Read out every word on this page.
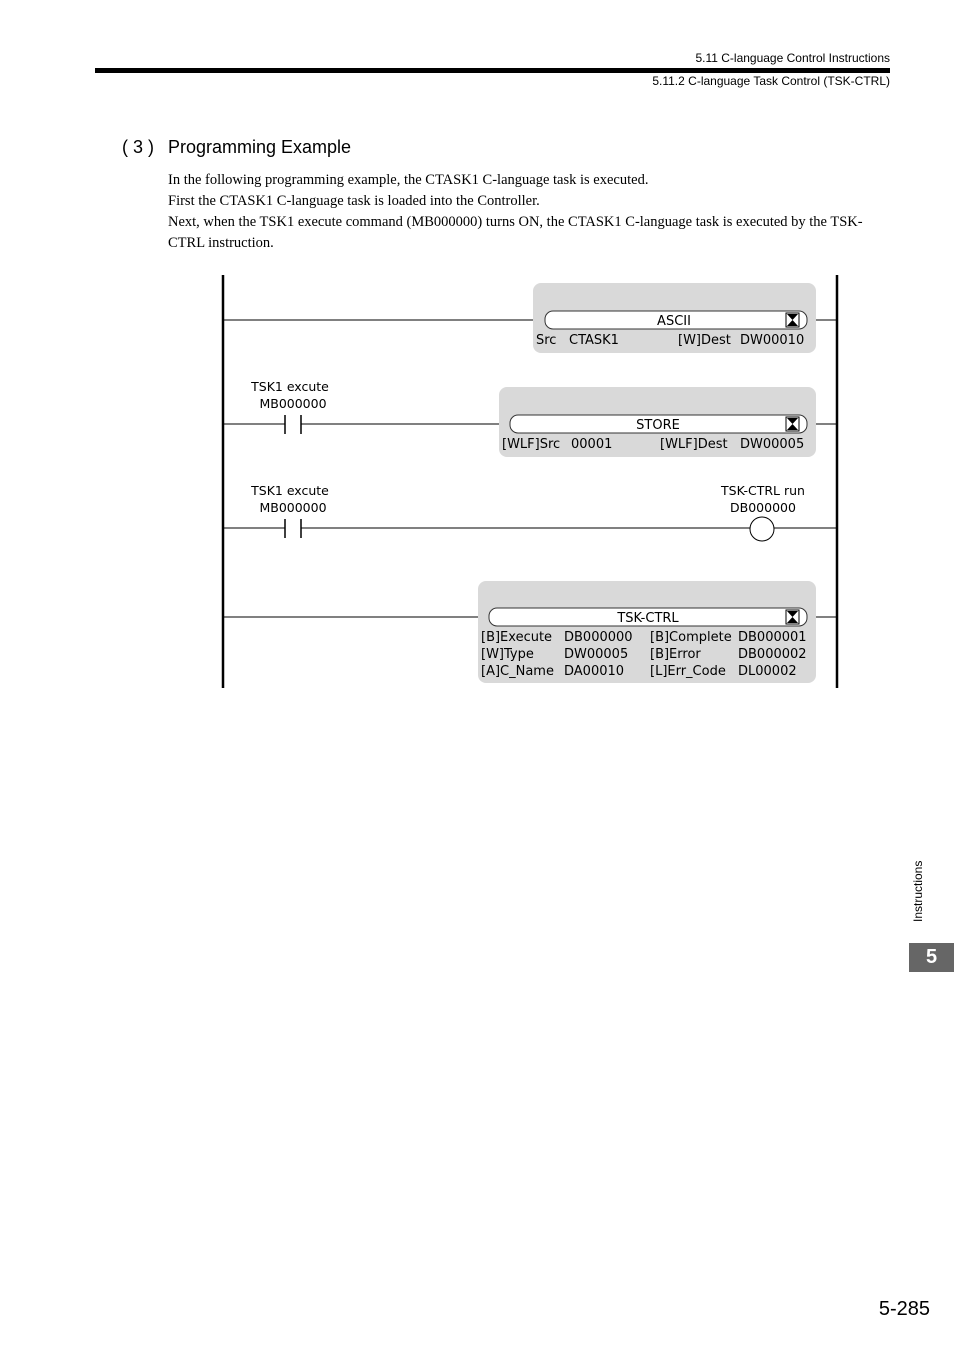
5.11 C-language Control Instructions
5.11.2 C-language Task Control (TSK-CTRL)
( 3 ) Programming Example
In the following programming example, the CTASK1 C-language task is executed.
First the CTASK1 C-language task is loaded into the Controller.
Next, when the TSK1 execute command (MB000000) turns ON, the CTASK1 C-language task is executed by the TSK-CTRL instruction.
ASCII
Src CTASK1	[W]Dest DW00010
TSK1 excute
MB000000
STORE
[WLF]Src 00001	[WLF]Dest DW00005
TSK1 excute
MB000000
TSK-CTRL run
DB000000
TSK-CTRL
[B]Execute DB000000 [B]Complete DB000001
[W]Type DW00005 [B]Error	DB000002
[A]C_Name DA00010 [L]Err_Code DL00002
Instructions
5
5-285
